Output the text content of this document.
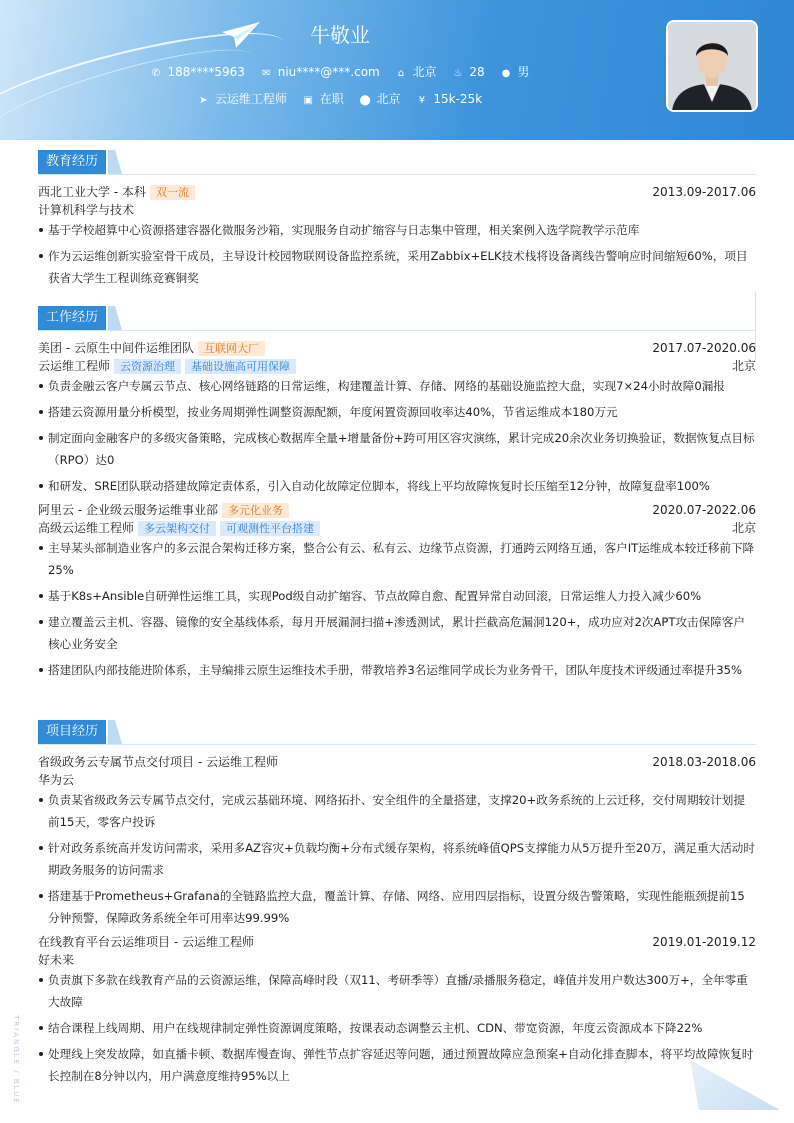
牛敬业
✆ 188****5963 ✉ niu****@***.com ⌂ 北京 ♨ 28 ● 男
➤ 云运维工程师 ▣ 在职 ⬤ 北京 ¥ 15k-25k
教育经历
西北工业大学 - 本科 双一流	2013.09-2017.06
计算机科学与技术
基于学校超算中心资源搭建容器化微服务沙箱，实现服务自动扩缩容与日志集中管理，相关案例入选学院教学示范库
作为云运维创新实验室骨干成员，主导设计校园物联网设备监控系统，采用Zabbix+ELK技术栈将设备离线告警响应时间缩短60%，项目获省大学生工程训练竞赛铜奖
工作经历
美团 - 云原生中间件运维团队 互联网大厂	2017.07-2020.06
云运维工程师 云资源治理 基础设施高可用保障	北京
负责金融云客户专属云节点、核心网络链路的日常运维，构建覆盖计算、存储、网络的基础设施监控大盘，实现7×24小时故障0漏报
搭建云资源用量分析模型，按业务周期弹性调整资源配额，年度闲置资源回收率达40%，节省运维成本180万元
制定面向金融客户的多级灾备策略，完成核心数据库全量+增量备份+跨可用区容灾演练，累计完成20余次业务切换验证，数据恢复点目标（RPO）达0
和研发、SRE团队联动搭建故障定责体系，引入自动化故障定位脚本，将线上平均故障恢复时长压缩至12分钟，故障复盘率100%
阿里云 - 企业级云服务运维事业部 多元化业务	2020.07-2022.06
高级云运维工程师 多云架构交付 可观测性平台搭建	北京
主导某头部制造业客户的多云混合架构迁移方案，整合公有云、私有云、边缘节点资源，打通跨云网络互通，客户IT运维成本较迁移前下降25%
基于K8s+Ansible自研弹性运维工具，实现Pod级自动扩缩容、节点故障自愈、配置异常自动回滚，日常运维人力投入减少60%
建立覆盖云主机、容器、镜像的安全基线体系，每月开展漏洞扫描+渗透测试，累计拦截高危漏洞120+，成功应对2次APT攻击保障客户核心业务安全
搭建团队内部技能进阶体系，主导编排云原生运维技术手册，带教培养3名运维同学成长为业务骨干，团队年度技术评级通过率提升35%
项目经历
省级政务云专属节点交付项目 - 云运维工程师	2018.03-2018.06
华为云
负责某省级政务云专属节点交付，完成云基础环境、网络拓扑、安全组件的全量搭建，支撑20+政务系统的上云迁移，交付周期较计划提前15天，零客户投诉
针对政务系统高并发访问需求，采用多AZ容灾+负载均衡+分布式缓存架构，将系统峰值QPS支撑能力从5万提升至20万，满足重大活动时期政务服务的访问需求
搭建基于Prometheus+Grafana的全链路监控大盘，覆盖计算、存储、网络、应用四层指标，设置分级告警策略，实现性能瓶颈提前15分钟预警，保障政务系统全年可用率达99.99%
在线教育平台云运维项目 - 云运维工程师	2019.01-2019.12
好未来
负责旗下多款在线教育产品的云资源运维，保障高峰时段（双11、考研季等）直播/录播服务稳定，峰值并发用户数达300万+，全年零重大故障
结合课程上线周期、用户在线规律制定弹性资源调度策略，按课表动态调整云主机、CDN、带宽资源，年度云资源成本下降22%
处理线上突发故障，如直播卡顿、数据库慢查询、弹性节点扩容延迟等问题，通过预置故障应急预案+自动化排查脚本，将平均故障恢复时长控制在8分钟以内，用户满意度维持95%以上
TRIANGLE / BLUE
